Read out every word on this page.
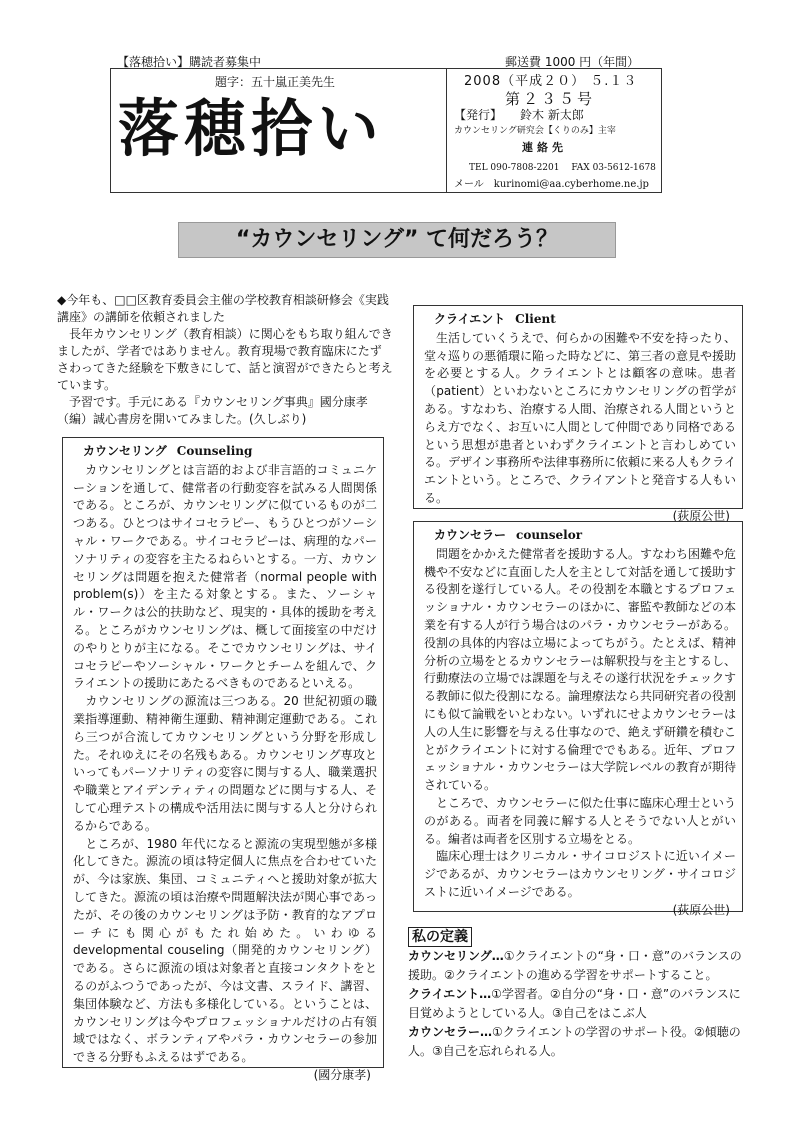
【落穂拾い】購読者募集中	郵送費 1000 円（年間）
題字：五十嵐正美先生
落穂拾い
2008（平成２０） ５.１３
第２３５号
【発行】 鈴木 新太郎
カウンセリング研究会【くりのみ】主宰
連絡先
TEL 090-7808-2201　 FAX 03-5612-1678
メール　kurinomi@aa.cyberhome.ne.jp
“カウンセリング” て何だろう？

◆今年も、□□区教育委員会主催の学校教育相談研修会《実践講座》の講師を依頼されました

　長年カウンセリング（教育相談）に関心をもち取り組んできましたが、学者ではありません。教育現場で教育臨床にたずさわってきた経験を下敷きにして、話と演習ができたらと考えています。

　予習です。手元にある『カウンセリング事典』國分康孝（編）誠心書房を開いてみました。(久しぶり)

カウンセリング Counseling

　カウンセリングとは言語的および非言語的コミュニケーションを通して、健常者の行動変容を試みる人間関係である。ところが、カウンセリングに似ているものが二つある。ひとつはサイコセラピー、もうひとつがソーシャル・ワークである。サイコセラピーは、病理的なパーソナリティの変容を主たるねらいとする。一方、カウンセリングは問題を抱えた健常者（normal people with problem(s)）を主たる対象とする。また、ソーシャル・ワークは公的扶助など、現実的・具体的援助を考える。ところがカウンセリングは、概して面接室の中だけのやりとりが主になる。そこでカウンセリングは、サイコセラピーやソーシャル・ワークとチームを組んで、クライエントの援助にあたるべきものであるといえる。

　カウンセリングの源流は三つある。20 世紀初頭の職業指導運動、精神衛生運動、精神測定運動である。これら三つが合流してカウンセリングという分野を形成した。それゆえにその名残もある。カウンセリング専攻といってもパーソナリティの変容に関与する人、職業選択や職業とアイデンティティの問題などに関与する人、そして心理テストの構成や活用法に関与する人と分けられるからである。

　ところが、1980 年代になると源流の実現型態が多様化してきた。源流の頃は特定個人に焦点を合わせていたが、今は家族、集団、コミュニティへと援助対象が拡大してきた。源流の頃は治療や問題解決法が関心事であったが、その後のカウンセリングは予防・教育的なアプローチにも関心がもたれ始めた。いわゆる developmental couseling（開発的カウンセリング）である。さらに源流の頃は対象者と直接コンタクトをとるのがふつうであったが、今は文書、スライド、講習、集団体験など、方法も多様化している。ということは、カウンセリングは今やプロフェッショナルだけの占有領域ではなく、ボランティアやパラ・カウンセラーの参加できる分野もふえるはずである。

(國分康孝)
クライエント Client

　生活していくうえで、何らかの困難や不安を持ったり、堂々巡りの悪循環に陥った時などに、第三者の意見や援助を必要とする人。クライエントとは顧客の意味。患者（patient）といわないところにカウンセリングの哲学がある。すなわち、治療する人間、治療される人間というとらえ方でなく、お互いに人間として仲間であり同格であるという思想が患者といわずクライエントと言わしめている。デザイン事務所や法律事務所に依頼に来る人もクライエントという。ところで、クライアントと発音する人もいる。

(荻原公世)
カウンセラー counselor

　問題をかかえた健常者を援助する人。すなわち困難や危機や不安などに直面した人を主として対話を通して援助する役割を遂行している人。その役割を本職とするプロフェッショナル・カウンセラーのほかに、審監や教師などの本業を有する人が行う場合はのパラ・カウンセラーがある。役割の具体的内容は立場によってちがう。たとえば、精神分析の立場をとるカウンセラーは解釈投与を主とするし、行動療法の立場では課題を与えその遂行状況をチェックする教師に似た役割になる。論理療法なら共同研究者の役割にも似て論戦をいとわない。いずれにせよカウンセラーは人の人生に影響を与える仕事なので、絶えず研鑽を積むことがクライエントに対する倫理ででもある。近年、プロフェッショナル・カウンセラーは大学院レベルの教育が期待されている。

　ところで、カウンセラーに似た仕事に臨床心理士というのがある。両者を同義に解する人とそうでない人とがいる。編者は両者を区別する立場をとる。

　臨床心理士はクリニカル・サイコロジストに近いイメージであるが、カウンセラーはカウンセリング・サイコロジストに近いイメージである。

(荻原公世)
私の定義

カウンセリング…①クライエントの“身・口・意”のバランスの援助。②クライエントの進める学習をサポートすること。

クライエント…①学習者。②自分の“身・口・意”のバランスに目覚めようとしている人。③自己をはこぶ人

カウンセラー…①クライエントの学習のサポート役。②傾聴の人。③自己を忘れられる人。
